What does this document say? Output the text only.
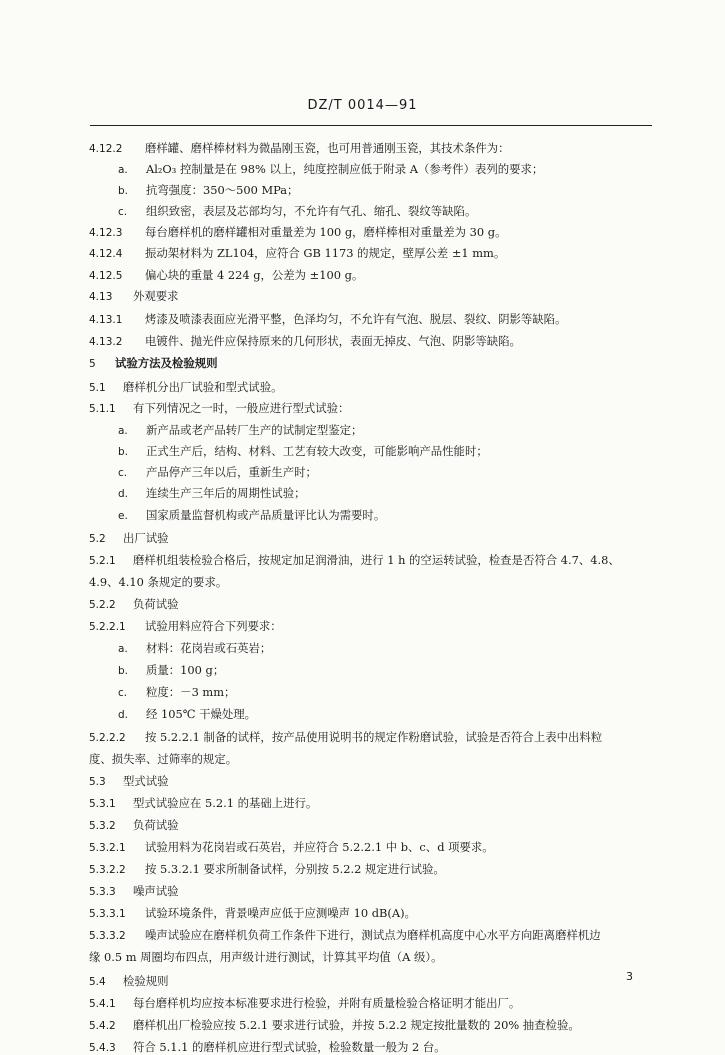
DZ/T 0014—91
4.12.2 磨样罐、磨样棒材料为微晶刚玉瓷，也可用普通刚玉瓷，其技术条件为：
a. Al₂O₃ 控制量是在 98% 以上，纯度控制应低于附录 A（参考件）表列的要求；
b. 抗弯强度：350～500 MPa；
c. 组织致密，表层及芯部均匀，不允许有气孔、缩孔、裂纹等缺陷。
4.12.3 每台磨样机的磨样罐相对重量差为 100 g，磨样棒相对重量差为 30 g。
4.12.4 振动架材料为 ZL104，应符合 GB 1173 的规定，壁厚公差 ±1 mm。
4.12.5 偏心块的重量 4 224 g，公差为 ±100 g。
4.13 外观要求
4.13.1 烤漆及喷漆表面应光滑平整，色泽均匀，不允许有气泡、脱层、裂纹、阴影等缺陷。
4.13.2 电镀件、抛光件应保持原来的几何形状，表面无掉皮、气泡、阴影等缺陷。
5 试验方法及检验规则
5.1 磨样机分出厂试验和型式试验。
5.1.1 有下列情况之一时，一般应进行型式试验：
a. 新产品或老产品转厂生产的试制定型鉴定；
b. 正式生产后，结构、材料、工艺有较大改变，可能影响产品性能时；
c. 产品停产三年以后，重新生产时；
d. 连续生产三年后的周期性试验；
e. 国家质量监督机构或产品质量评比认为需要时。
5.2 出厂试验
5.2.1 磨样机组装检验合格后，按规定加足润滑油，进行 1 h 的空运转试验，检查是否符合 4.7、4.8、
4.9、4.10 条规定的要求。
5.2.2 负荷试验
5.2.2.1 试验用料应符合下列要求：
a. 材料：花岗岩或石英岩；
b. 质量：100 g；
c. 粒度：－3 mm；
d. 经 105℃ 干燥处理。
5.2.2.2 按 5.2.2.1 制备的试样，按产品使用说明书的规定作粉磨试验，试验是否符合上表中出料粒
度、损失率、过筛率的规定。
5.3 型式试验
5.3.1 型式试验应在 5.2.1 的基础上进行。
5.3.2 负荷试验
5.3.2.1 试验用料为花岗岩或石英岩，并应符合 5.2.2.1 中 b、c、d 项要求。
5.3.2.2 按 5.3.2.1 要求所制备试样，分别按 5.2.2 规定进行试验。
5.3.3 噪声试验
5.3.3.1 试验环境条件，背景噪声应低于应测噪声 10 dB(A)。
5.3.3.2 噪声试验应在磨样机负荷工作条件下进行，测试点为磨样机高度中心水平方向距离磨样机边
缘 0.5 m 周圈均布四点，用声级计进行测试，计算其平均值（A 级）。
5.4 检验规则
5.4.1 每台磨样机均应按本标准要求进行检验，并附有质量检验合格证明才能出厂。
5.4.2 磨样机出厂检验应按 5.2.1 要求进行试验，并按 5.2.2 规定按批量数的 20% 抽查检验。
5.4.3 符合 5.1.1 的磨样机应进行型式试验，检验数量一般为 2 台。
3
